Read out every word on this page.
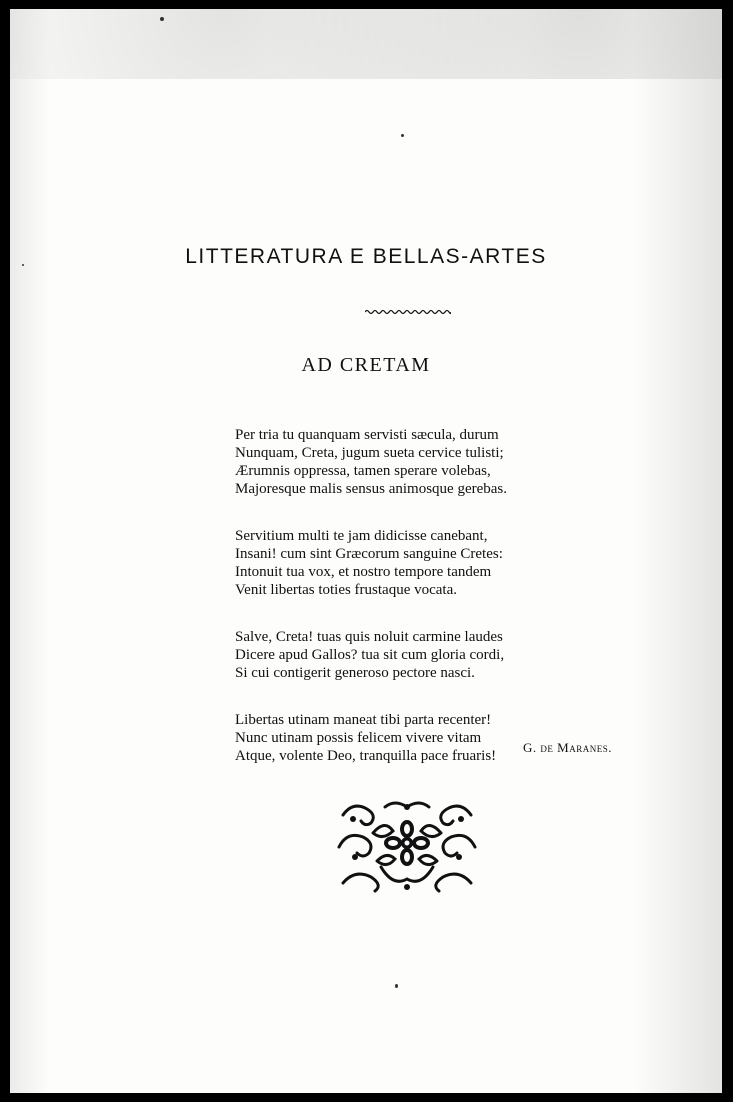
LITTERATURA E BELLAS-ARTES
AD CRETAM
Per tria tu quanquam servisti sæcula, durum
Nunquam, Creta, jugum sueta cervice tulisti;
Ærumnis oppressa, tamen sperare volebas,
Majoresque malis sensus animosque gerebas.
Servitium multi te jam didicisse canebant,
Insani! cum sint Græcorum sanguine Cretes:
Intonuit tua vox, et nostro tempore tandem
Venit libertas toties frustaque vocata.
Salve, Creta! tuas quis noluit carmine laudes
Dicere apud Gallos? tua sit cum gloria cordi,
Si cui contigerit generoso pectore nasci.
Libertas utinam maneat tibi parta recenter!
Nunc utinam possis felicem vivere vitam
Atque, volente Deo, tranquilla pace fruaris!
G. de Maranes.
